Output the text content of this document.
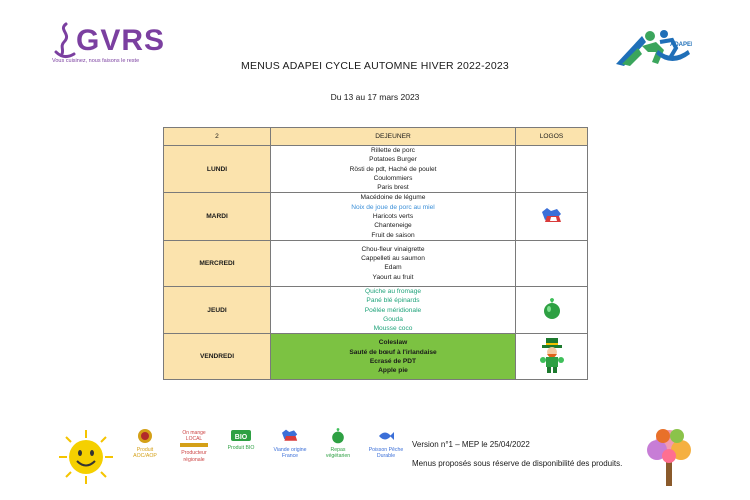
GVRS
Vous cuisinez, nous faisons le reste
ADAPEI
MENUS ADAPEI CYCLE AUTOMNE HIVER 2022-2023
Du 13 au 17 mars 2023
2	DEJEUNER	LOGOS
LUNDI	Rillette de porc
Potatoes Burger
Rösti de pdt, Haché de poulet
Coulommiers
Paris brest	

MARDI	Macédoine de légume
Noix de joue de porc au miel
Haricots verts
Chanteneige
Fruit de saison

MERCREDI	Chou-fleur vinaigrette
Cappelleti au saumon
Edam
Yaourt au fruit	

JEUDI	Quiche au fromage
Pané blé épinards
Poêlée méridionale
Gouda
Mousse coco

VENDREDI	Coleslaw
Sauté de bœuf à l'irlandaise
Ecrasé de PDT
Apple pie

Produit AOC/AOP
On mange LOCAL
Producteur régionale
BIO
Produit BIO	Viande origine France
Repas végétarien
Poisson Pêche Durable
Version n°1 – MEP le 25/04/2022
Menus proposés sous réserve de disponibilité des produits.
